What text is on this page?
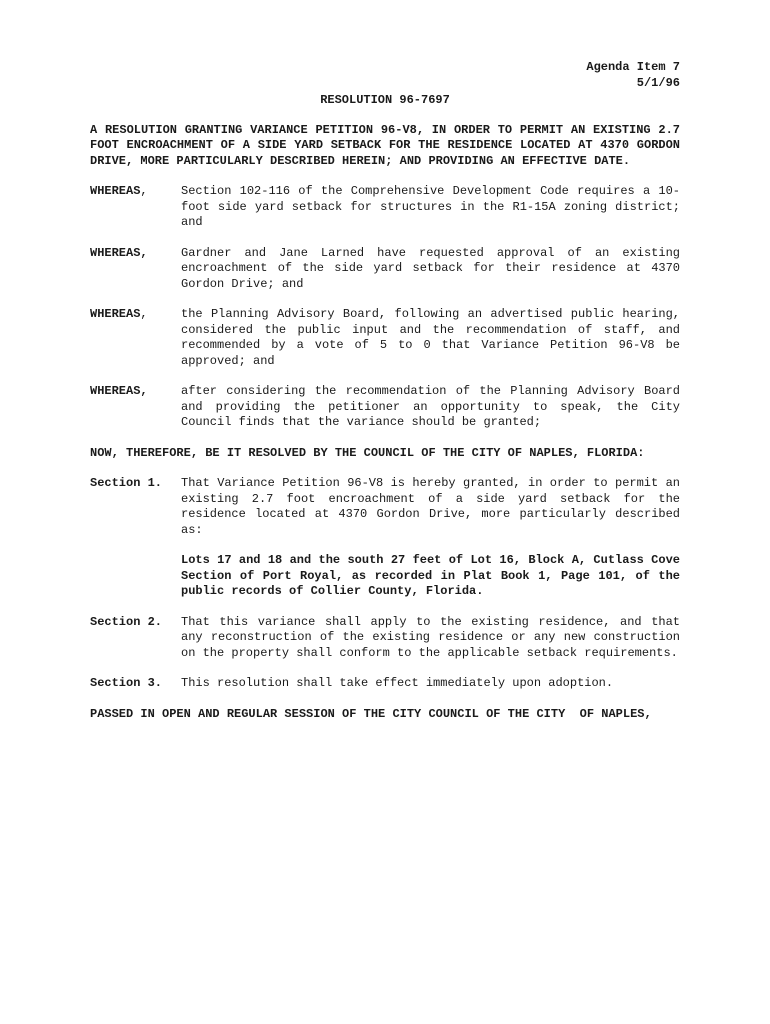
Agenda Item 7
5/1/96
RESOLUTION 96-7697
A RESOLUTION GRANTING VARIANCE PETITION 96-V8, IN ORDER TO PERMIT AN EXISTING 2.7 FOOT ENCROACHMENT OF A SIDE YARD SETBACK FOR THE RESIDENCE LOCATED AT 4370 GORDON DRIVE, MORE PARTICULARLY DESCRIBED HEREIN; AND PROVIDING AN EFFECTIVE DATE.
WHEREAS,	Section 102-116 of the Comprehensive Development Code requires a 10-foot side yard setback for structures in the R1-15A zoning district; and
WHEREAS,	Gardner and Jane Larned have requested approval of an existing encroachment of the side yard setback for their residence at 4370 Gordon Drive; and
WHEREAS,	the Planning Advisory Board, following an advertised public hearing, considered the public input and the recommendation of staff, and recommended by a vote of 5 to 0 that Variance Petition 96-V8 be approved; and
WHEREAS,	after considering the recommendation of the Planning Advisory Board and providing the petitioner an opportunity to speak, the City Council finds that the variance should be granted;
NOW, THEREFORE, BE IT RESOLVED BY THE COUNCIL OF THE CITY OF NAPLES, FLORIDA:
Section 1.	That Variance Petition 96-V8 is hereby granted, in order to permit an existing 2.7 foot encroachment of a side yard setback for the residence located at 4370 Gordon Drive, more particularly described as:
Lots 17 and 18 and the south 27 feet of Lot 16, Block A, Cutlass Cove Section of Port Royal, as recorded in Plat Book 1, Page 101, of the public records of Collier County, Florida.
Section 2.	That this variance shall apply to the existing residence, and that any reconstruction of the existing residence or any new construction on the property shall conform to the applicable setback requirements.
Section 3.	This resolution shall take effect immediately upon adoption.
PASSED IN OPEN AND REGULAR SESSION OF THE CITY COUNCIL OF THE CITY  OF NAPLES,
